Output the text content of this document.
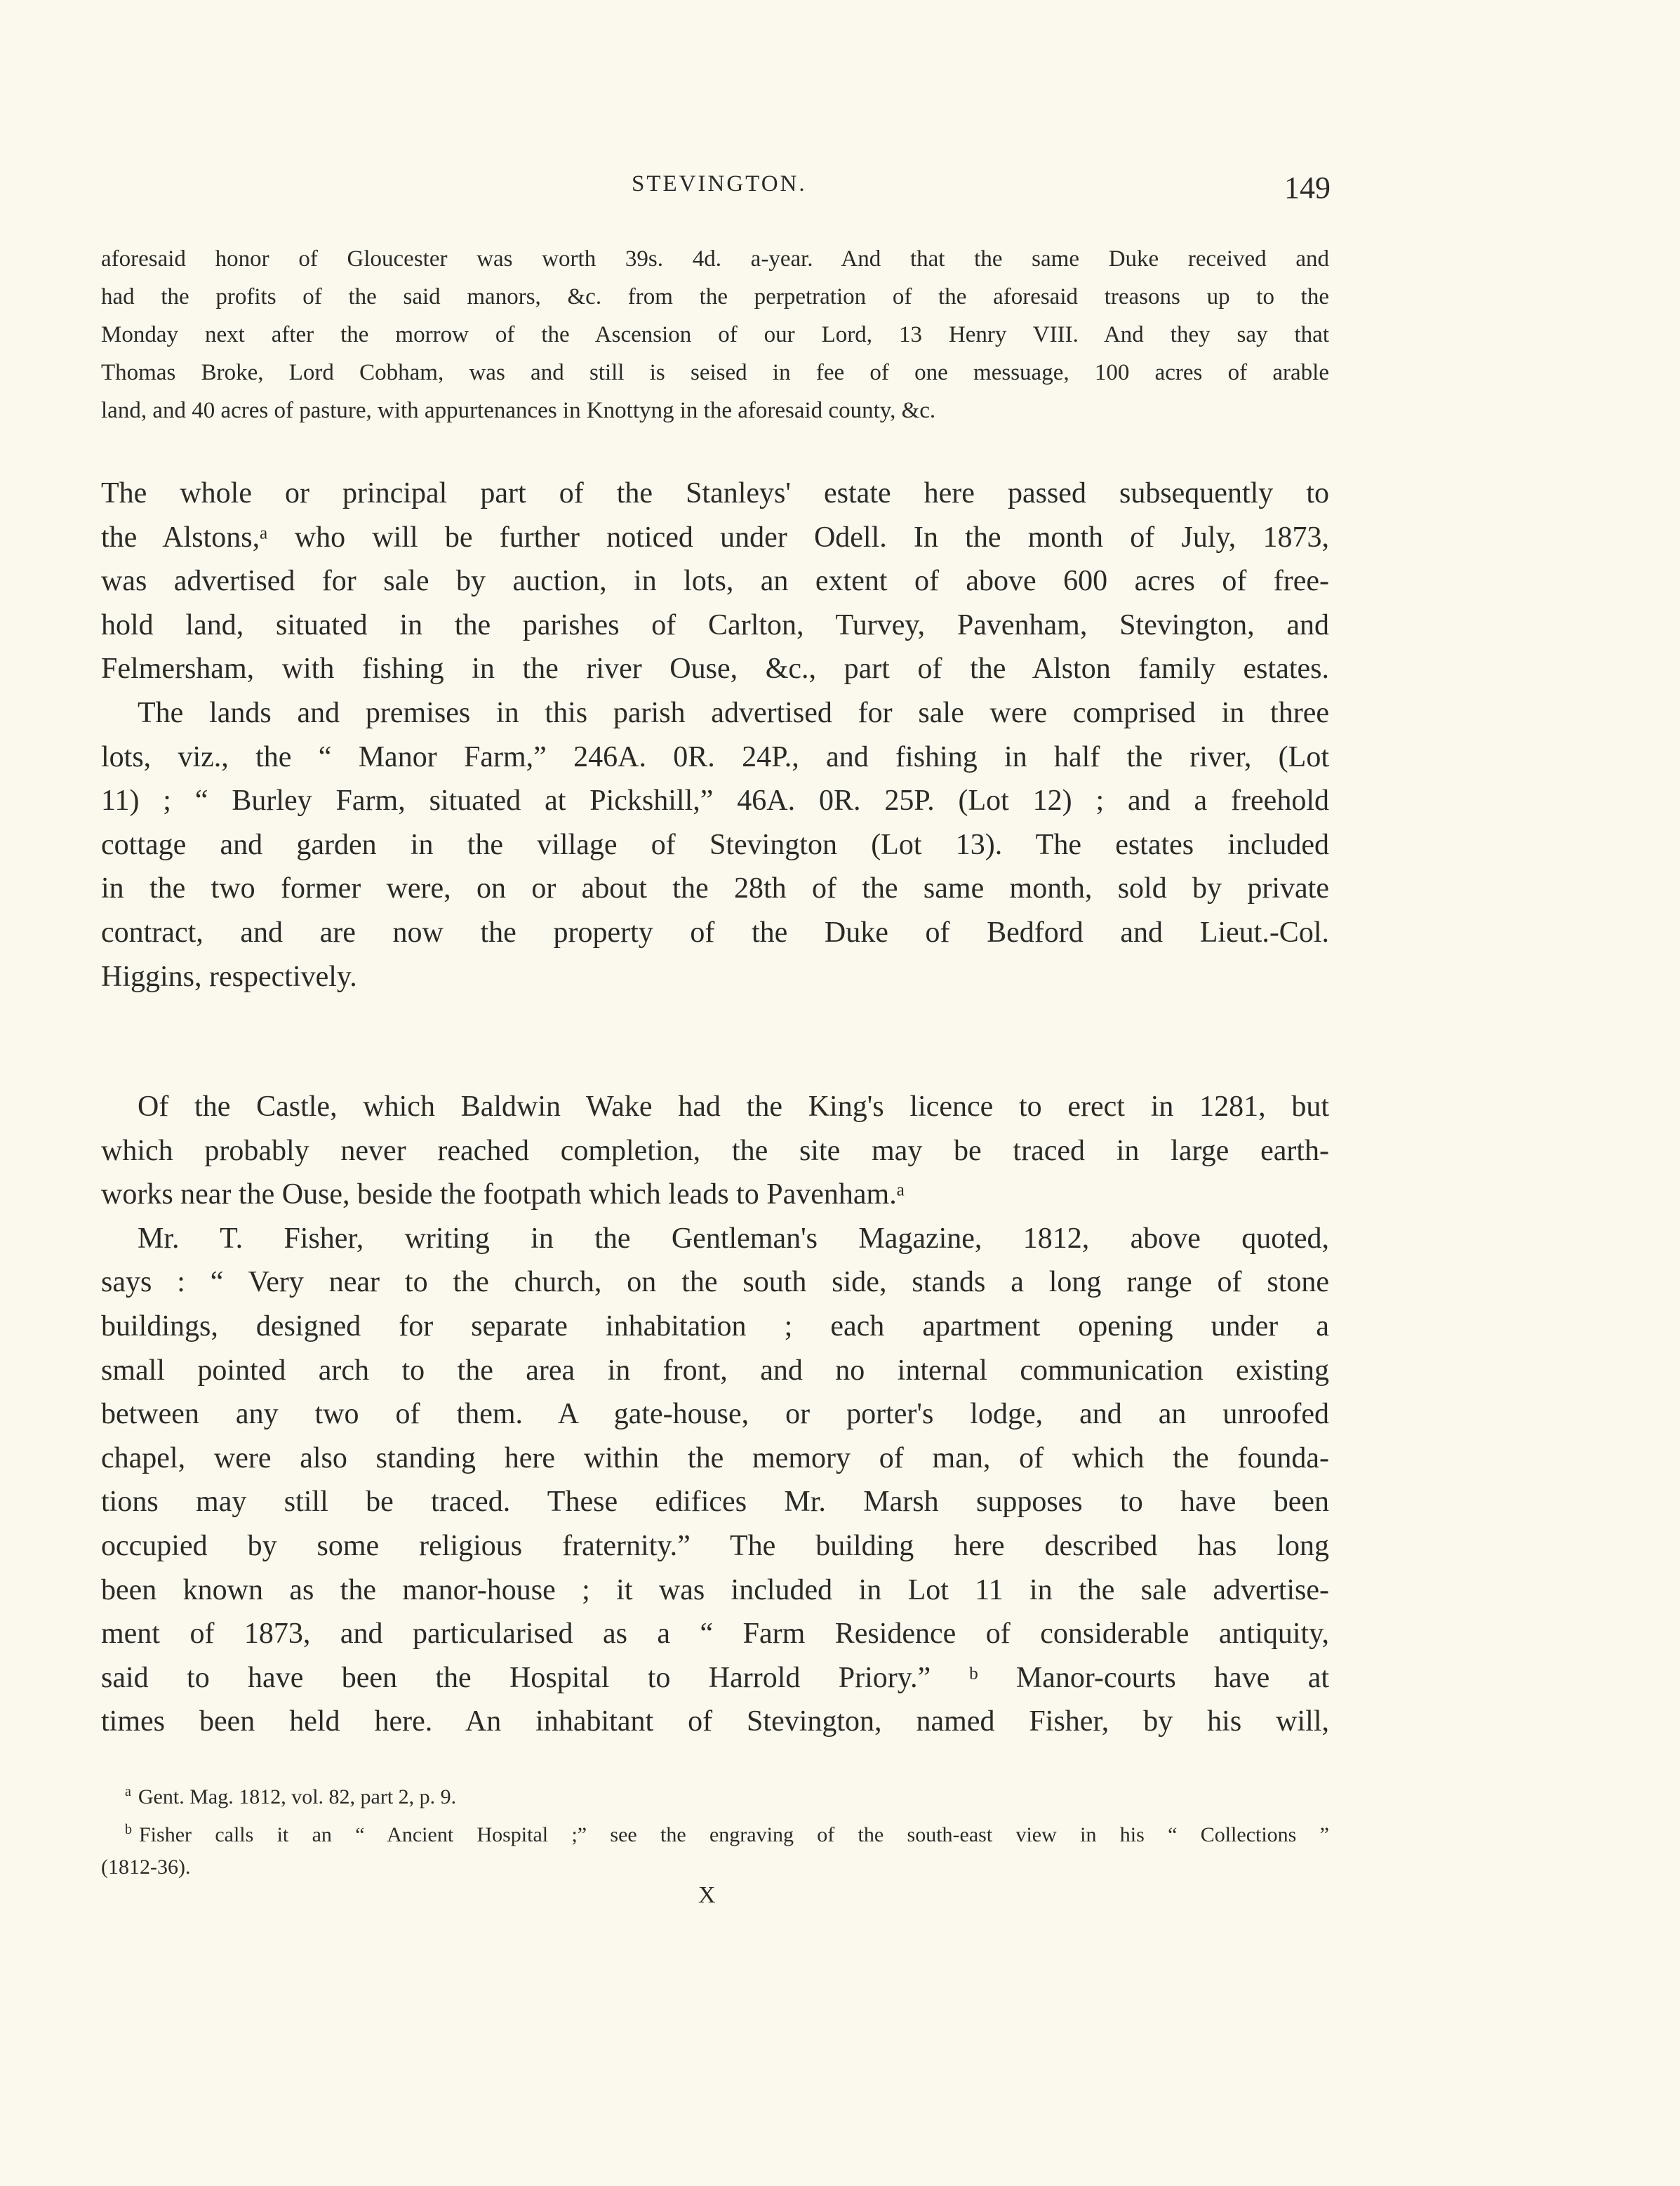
STEVINGTON.	149
aforesaid honor of Gloucester was worth 39s. 4d. a-year. And that the same Duke received and
had the profits of the said manors, &c. from the perpetration of the aforesaid treasons up to the
Monday next after the morrow of the Ascension of our Lord, 13 Henry VIII. And they say that
Thomas Broke, Lord Cobham, was and still is seised in fee of one messuage, 100 acres of arable
land, and 40 acres of pasture, with appurtenances in Knottyng in the aforesaid county, &c.
The whole or principal part of the Stanleys' estate here passed subsequently to
the Alstons,ᵃ who will be further noticed under Odell. In the month of July, 1873,
was advertised for sale by auction, in lots, an extent of above 600 acres of free-
hold land, situated in the parishes of Carlton, Turvey, Pavenham, Stevington, and
Felmersham, with fishing in the river Ouse, &c., part of the Alston family estates.
The lands and premises in this parish advertised for sale were comprised in three
lots, viz., the “ Manor Farm,” 246A. 0R. 24P., and fishing in half the river, (Lot
11) ; “ Burley Farm, situated at Pickshill,” 46A. 0R. 25P. (Lot 12) ; and a freehold
cottage and garden in the village of Stevington (Lot 13). The estates included
in the two former were, on or about the 28th of the same month, sold by private
contract, and are now the property of the Duke of Bedford and Lieut.-Col.
Higgins, respectively.
Of the Castle, which Baldwin Wake had the King's licence to erect in 1281, but
which probably never reached completion, the site may be traced in large earth-
works near the Ouse, beside the footpath which leads to Pavenham.ᵃ
Mr. T. Fisher, writing in the Gentleman's Magazine, 1812, above quoted,
says : “ Very near to the church, on the south side, stands a long range of stone
buildings, designed for separate inhabitation ; each apartment opening under a
small pointed arch to the area in front, and no internal communication existing
between any two of them. A gate-house, or porter's lodge, and an unroofed
chapel, were also standing here within the memory of man, of which the founda-
tions may still be traced. These edifices Mr. Marsh supposes to have been
occupied by some religious fraternity.” The building here described has long
been known as the manor-house ; it was included in Lot 11 in the sale advertise-
ment of 1873, and particularised as a “ Farm Residence of considerable antiquity,
said to have been the Hospital to Harrold Priory.” ᵇ Manor-courts have at
times been held here. An inhabitant of Stevington, named Fisher, by his will,
$^a$ Gent. Mag. 1812, vol. 82, part 2, p. 9.
$^b$ Fisher calls it an “ Ancient Hospital ;” see the engraving of the south-east view in his “ Collections ”
(1812-36).
X
